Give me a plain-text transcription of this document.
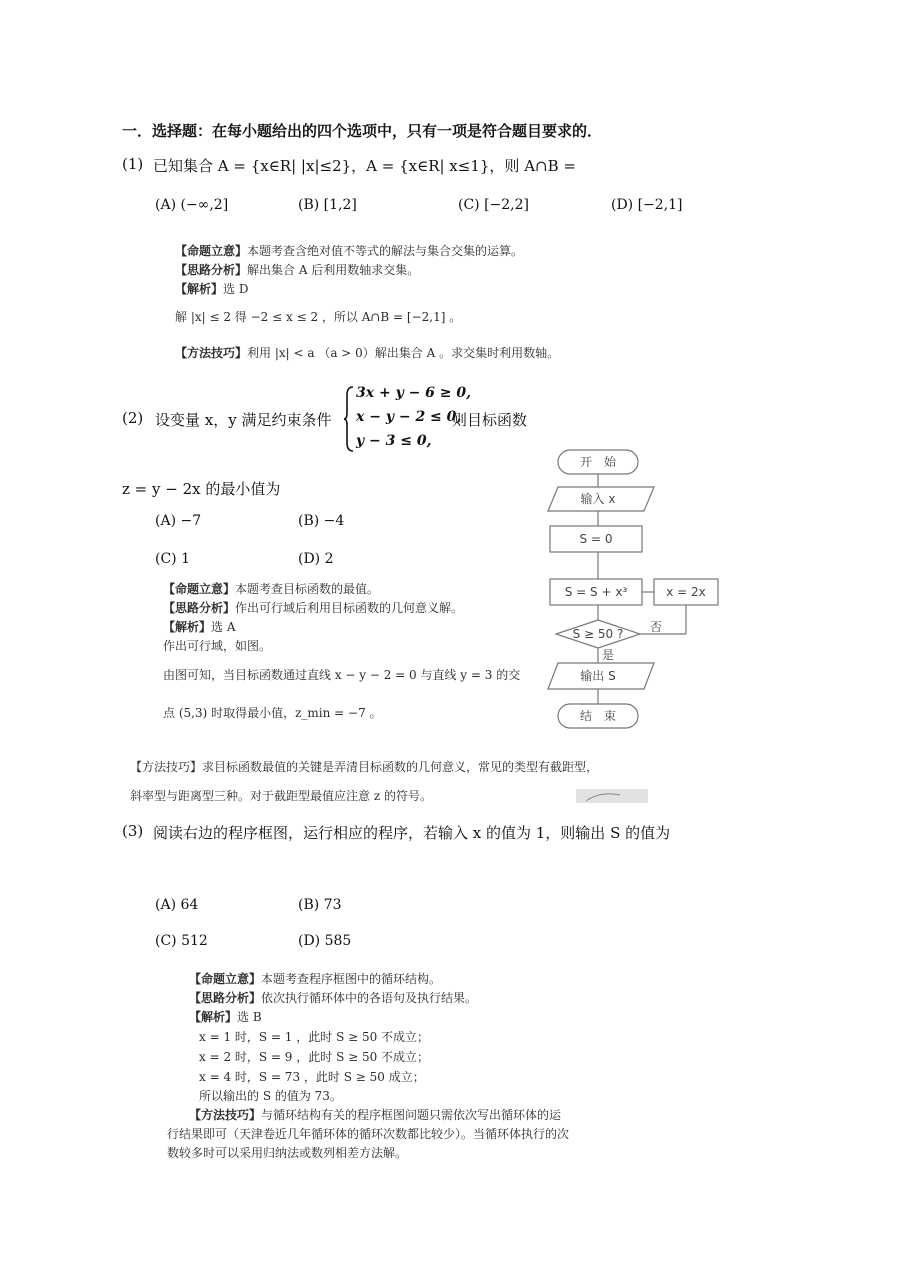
一．选择题：在每小题给出的四个选项中，只有一项是符合题目要求的．
(1) 已知集合 A = {x∈R| |x|≤2}，A = {x∈R| x≤1}，则 A∩B =
(A) (−∞,2]	(B) [1,2]	(C) [−2,2]	(D) [−2,1]
【命题立意】本题考查含绝对值不等式的解法与集合交集的运算。
【思路分析】解出集合 A 后利用数轴求交集。
【解析】选 D
解 |x| ≤ 2 得 −2 ≤ x ≤ 2 ，所以 A∩B = [−2,1] 。
【方法技巧】利用 |x| < a （a > 0）解出集合 A 。求交集时利用数轴。
(2) 设变量 x，y 满足约束条件
3x + y − 6 ≥ 0,
x − y − 2 ≤ 0,
y − 3 ≤ 0,
则目标函数
z = y − 2x 的最小值为
(A) −7	(B) −4
(C) 1	(D) 2
【命题立意】本题考查目标函数的最值。
【思路分析】作出可行域后利用目标函数的几何意义解。
【解析】选 A
作出可行域，如图。
由图可知，当目标函数通过直线 x − y − 2 = 0 与直线 y = 3 的交
点 (5,3) 时取得最小值，z_min = −7 。
【方法技巧】求目标函数最值的关键是弄清目标函数的几何意义，常见的类型有截距型，
斜率型与距离型三种。对于截距型最值应注意 z 的符号。
开　始
输入 x
S = 0
S = S + x³	x = 2x
S ≥ 50 ? 否
是
输出 S
结　束
(3) 阅读右边的程序框图，运行相应的程序，若输入 x 的值为 1，则输出 S 的值为
(A) 64	(B) 73
(C) 512	(D) 585
【命题立意】本题考查程序框图中的循环结构。
【思路分析】依次执行循环体中的各语句及执行结果。
【解析】选 B
x = 1 时，S = 1 ，此时 S ≥ 50 不成立；
x = 2 时，S = 9 ，此时 S ≥ 50 不成立；
x = 4 时，S = 73 ，此时 S ≥ 50 成立；
所以输出的 S 的值为 73。
【方法技巧】与循环结构有关的程序框图问题只需依次写出循环体的运
行结果即可（天津卷近几年循环体的循环次数都比较少）。当循环体执行的次
数较多时可以采用归纳法或数列相差方法解。
